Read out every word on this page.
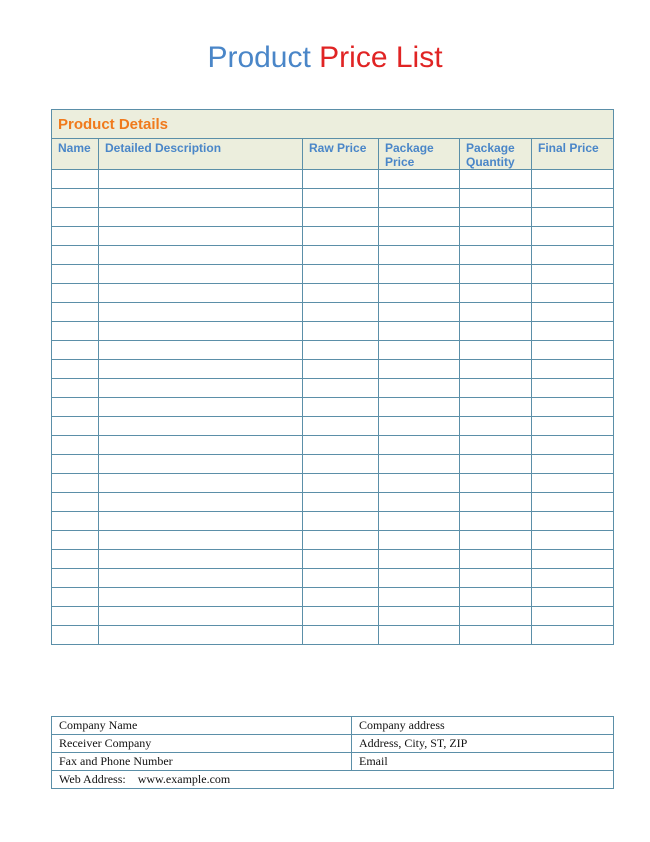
Product Price List
Product Details					
Name	Detailed Description	Raw Price	Package Price	Package Quantity	Final Price

Company Name	Company address
Receiver Company	Address, City, ST, ZIP
Fax and Phone Number	Email
Web Address: www.example.com	
